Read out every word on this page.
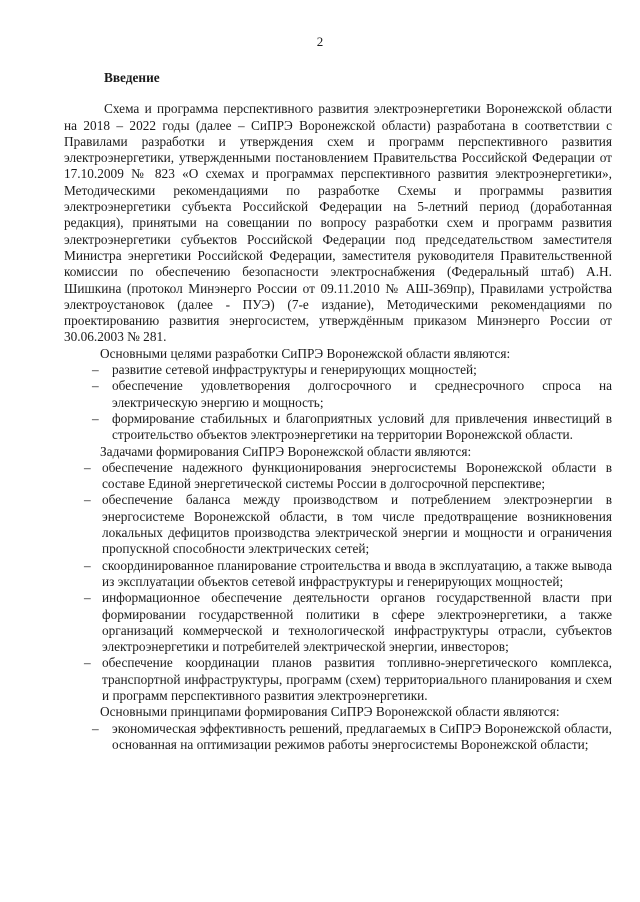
2
Введение

Схема и программа перспективного развития электроэнергетики Воронежской области на 2018 – 2022 годы (далее – СиПРЭ Воронежской области) разработана в соответствии с Правилами разработки и утверждения схем и программ перспективного развития электроэнергетики, утвержденными постановлением Правительства Российской Федерации от 17.10.2009 № 823 «О схемах и программах перспективного развития электроэнергетики», Методическими рекомендациями по разработке Схемы и программы развития электроэнергетики субъекта Российской Федерации на 5-летний период (доработанная редакция), принятыми на совещании по вопросу разработки схем и программ развития электроэнергетики субъектов Российской Федерации под председательством заместителя Министра энергетики Российской Федерации, заместителя руководителя Правительственной комиссии по обеспечению безопасности электроснабжения (Федеральный штаб) А.Н. Шишкина (протокол Минэнерго России от 09.11.2010 № АШ-369пр), Правилами устройства электроустановок (далее - ПУЭ) (7-е издание), Методическими рекомендациями по проектированию развития энергосистем, утверждённым приказом Минэнерго России от 30.06.2003 № 281.

Основными целями разработки СиПРЭ Воронежской области являются:

– развитие сетевой инфраструктуры и генерирующих мощностей;
– обеспечение удовлетворения долгосрочного и среднесрочного спроса на электрическую энергию и мощность;
– формирование стабильных и благоприятных условий для привлечения инвестиций в строительство объектов электроэнергетики на территории Воронежской области.

Задачами формирования СиПРЭ Воронежской области являются:

– обеспечение надежного функционирования энергосистемы Воронежской области в составе Единой энергетической системы России в долгосрочной перспективе;
– обеспечение баланса между производством и потреблением электроэнергии в энергосистеме Воронежской области, в том числе предотвращение возникновения локальных дефицитов производства электрической энергии и мощности и ограничения пропускной способности электрических сетей;
– скоординированное планирование строительства и ввода в эксплуатацию, а также вывода из эксплуатации объектов сетевой инфраструктуры и генерирующих мощностей;
– информационное обеспечение деятельности органов государственной власти при формировании государственной политики в сфере электроэнергетики, а также организаций коммерческой и технологической инфраструктуры отрасли, субъектов электроэнергетики и потребителей электрической энергии, инвесторов;
– обеспечение координации планов развития топливно-энергетического комплекса, транспортной инфраструктуры, программ (схем) территориального планирования и схем и программ перспективного развития электроэнергетики.

Основными принципами формирования СиПРЭ Воронежской области являются:

– экономическая эффективность решений, предлагаемых в СиПРЭ Воронежской области, основанная на оптимизации режимов работы энергосистемы Воронежской области;
